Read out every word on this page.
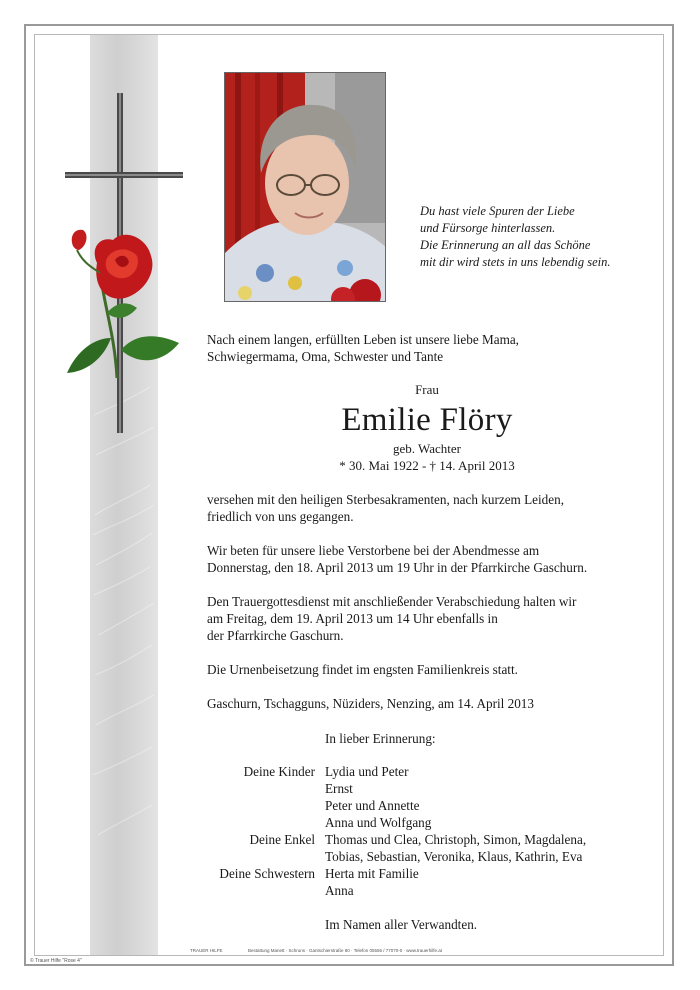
Du hast viele Spuren der Liebe
und Fürsorge hinterlassen.
Die Erinnerung an all das Schöne
mit dir wird stets in uns lebendig sein.
Nach einem langen, erfüllten Leben ist unsere liebe Mama,
Schwiegermama, Oma, Schwester und Tante
Frau
Emilie Flöry
geb. Wachter
* 30. Mai 1922 - † 14. April 2013
versehen mit den heiligen Sterbesakramenten, nach kurzem Leiden,
friedlich von uns gegangen.
Wir beten für unsere liebe Verstorbene bei der Abendmesse am
Donnerstag, den 18. April 2013 um 19 Uhr in der Pfarrkirche Gaschurn.
Den Trauergottesdienst mit anschließender Verabschiedung halten wir
am Freitag, dem 19. April 2013 um 14 Uhr ebenfalls in
der Pfarrkirche Gaschurn.
Die Urnenbeisetzung findet im engsten Familienkreis statt.
Gaschurn, Tschagguns, Nüziders, Nenzing, am 14. April 2013
In lieber Erinnerung:
Deine Kinder Lydia und Peter
Ernst
Peter und Annette
Anna und Wolfgang
Deine Enkel Thomas und Clea, Christoph, Simon, Magdalena,
Tobias, Sebastian, Veronika, Klaus, Kathrin, Eva
Deine Schwestern Herta mit Familie
Anna
Im Namen aller Verwandten.
TRAUER HILFE	Bestattung Manett · Schruns · Gantschierstraße 80 · Telefon 05556 / 77070-0 · www.trauerhilfe.at
© Trauer Hilfe "Rose 4"
